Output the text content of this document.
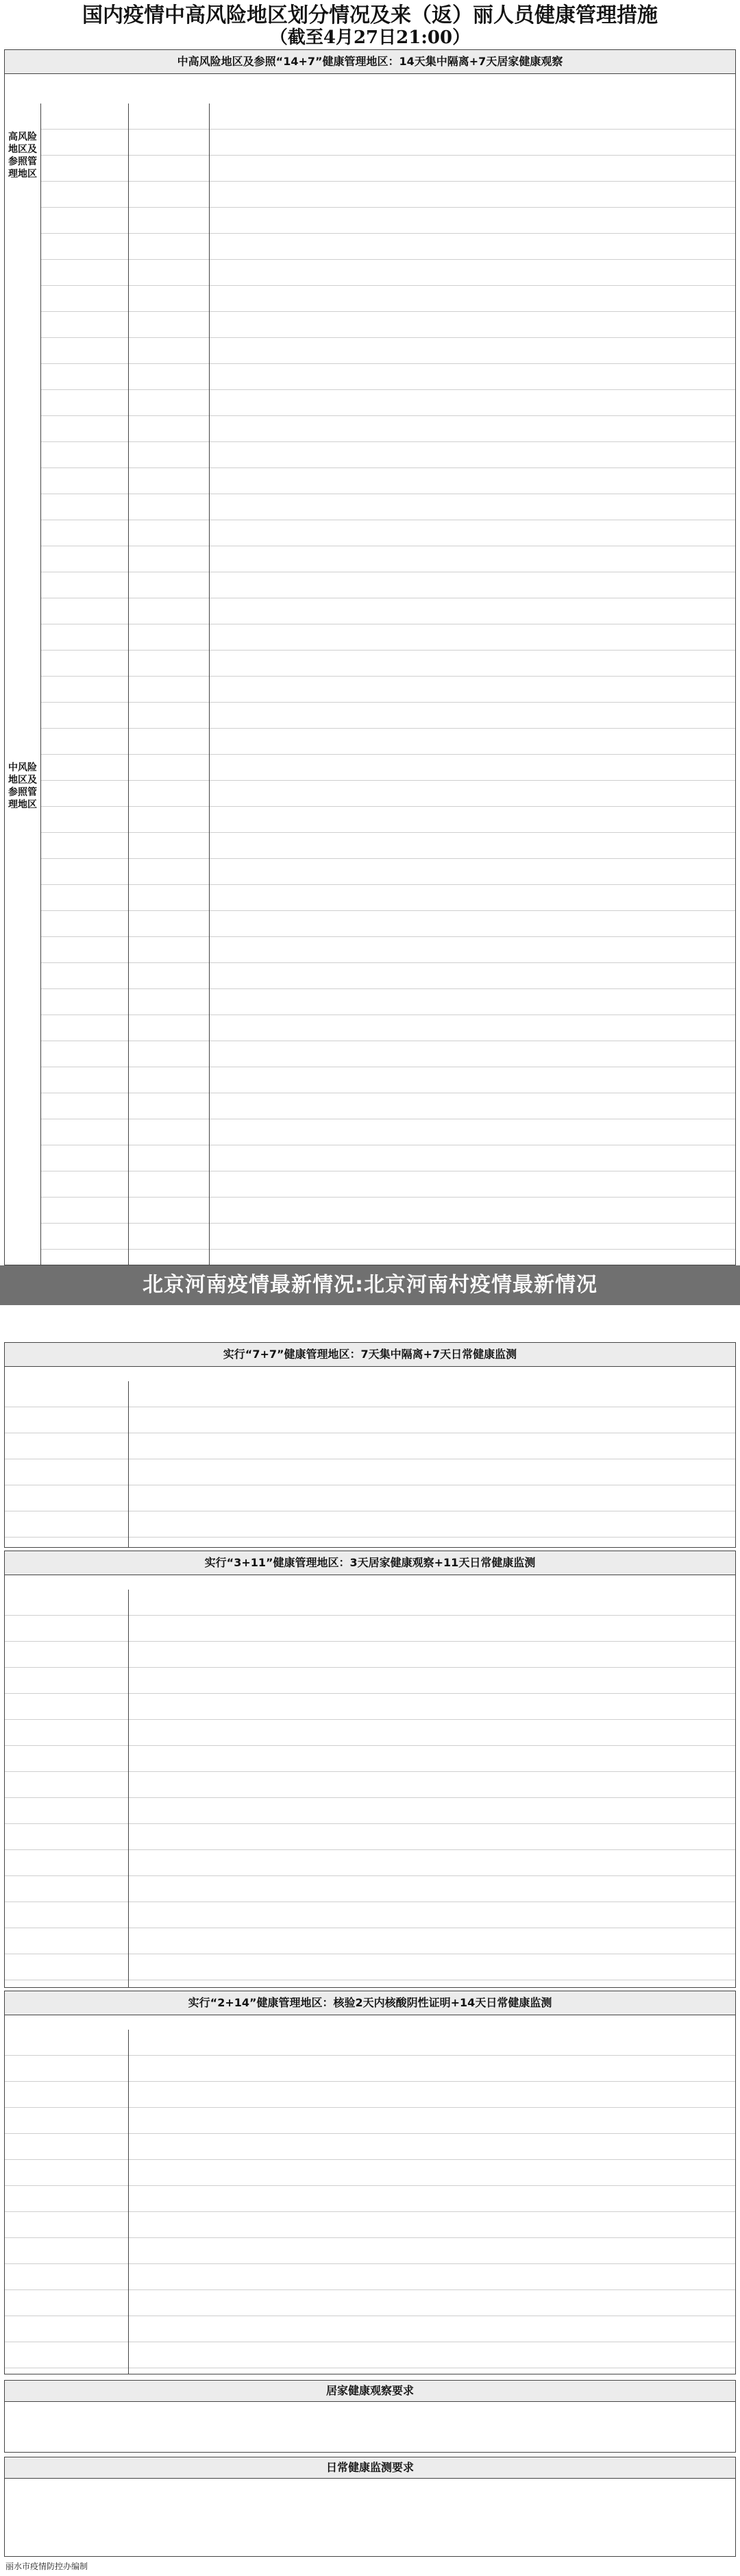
国内疫情中高风险地区划分情况及来（返）丽人员健康管理措施
（截至4月27日21:00）
中高风险地区及参照“14+7”健康管理地区：14天集中隔离+7天居家健康观察
高风险地区及参照管理地区
中风险地区及参照管理地区
北京河南疫情最新情况:北京河南村疫情最新情况
实行“7+7”健康管理地区：7天集中隔离+7天日常健康监测
实行“3+11”健康管理地区：3天居家健康观察+11天日常健康监测
实行“2+14”健康管理地区：核验2天内核酸阴性证明+14天日常健康监测
居家健康观察要求
日常健康监测要求
丽水市疫情防控办编制
